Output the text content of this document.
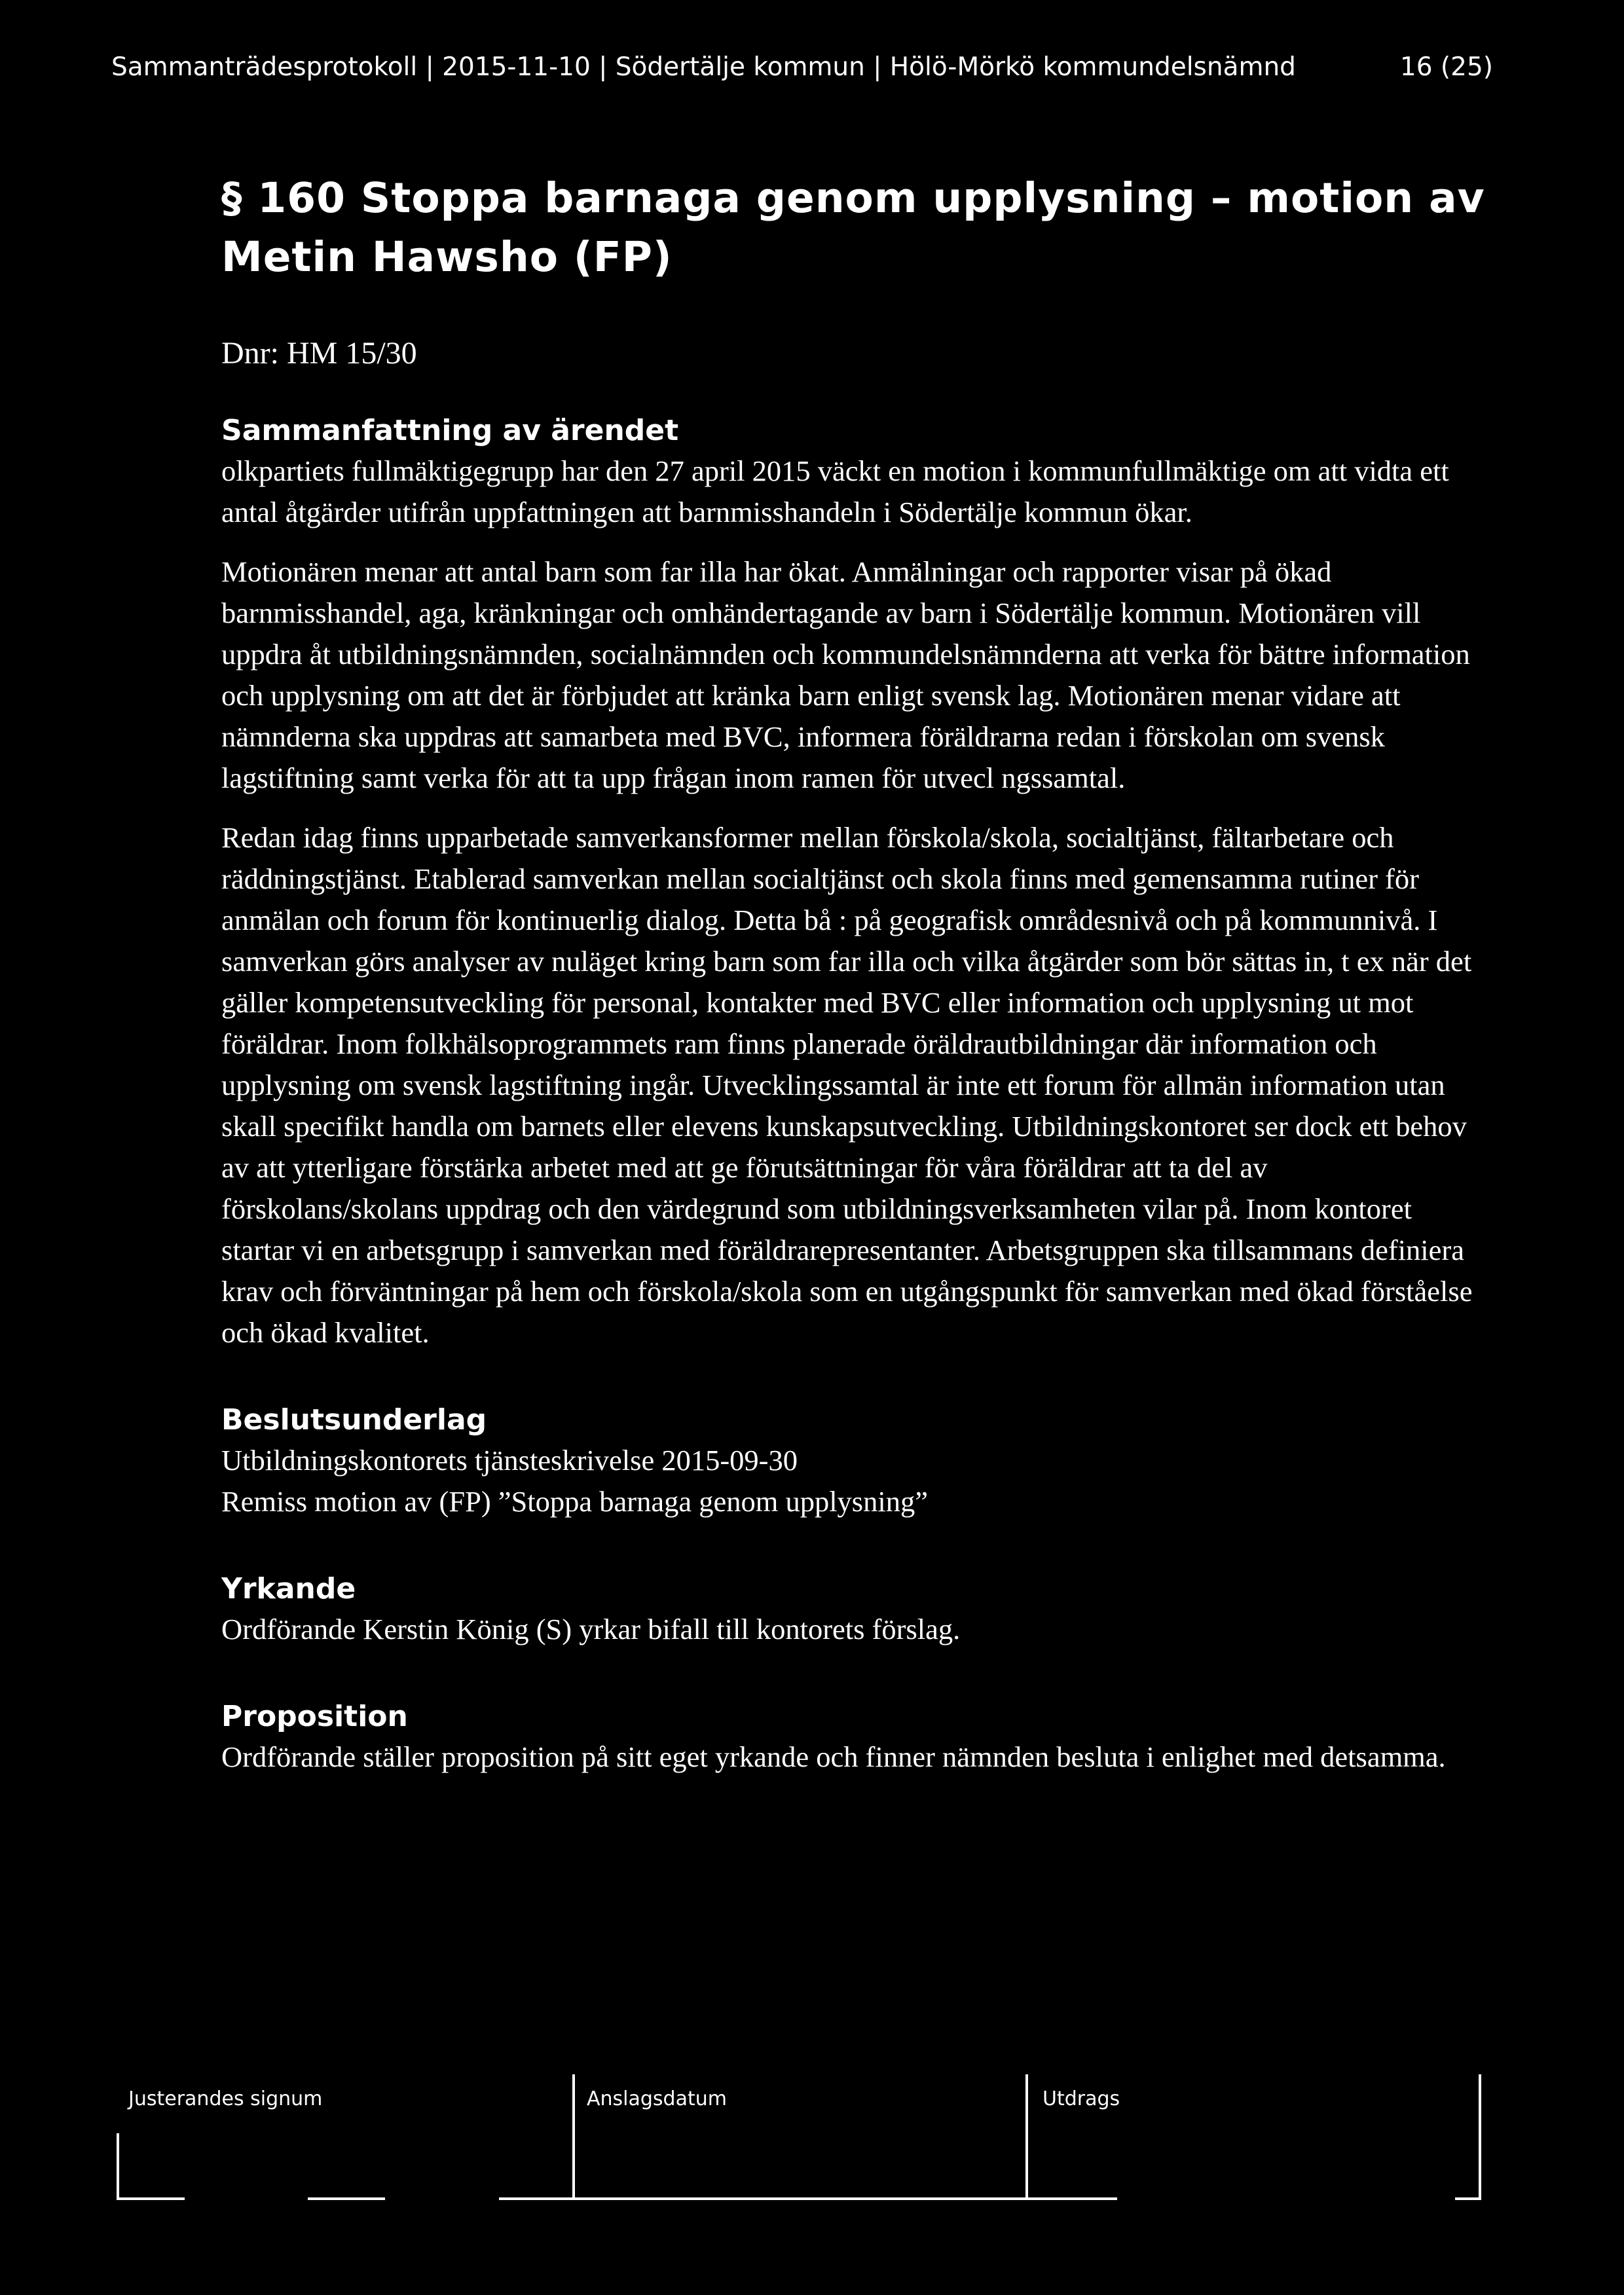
Sammanträdesprotokoll | 2015-11-10 | Södertälje kommun | Hölö-Mörkö kommundelsnämnd	16 (25)
§ 160 Stoppa barnaga genom upplysning – motion av Metin Hawsho (FP)
Dnr: HM 15/30
Sammanfattning av ärendet

olkpartiets fullmäktigegrupp har den 27 april 2015 väckt en motion i kommunfullmäktige om att vidta ett antal åtgärder utifrån uppfattningen att barnmisshandeln i Södertälje kommun ökar.

Motionären menar att antal barn som far illa har ökat. Anmälningar och rapporter visar på ökad barnmisshandel, aga, kränkningar och omhändertagande av barn i Södertälje kommun. Motionären vill uppdra åt utbildningsnämnden, socialnämnden och kommundelsnämnderna att verka för bättre information och upplysning om att det är förbjudet att kränka barn enligt svensk lag. Motionären menar vidare att nämnderna ska uppdras att samarbeta med BVC, informera föräldrarna redan i förskolan om svensk lagstiftning samt verka för att ta upp frågan inom ramen för utvecl ngssamtal.

Redan idag finns upparbetade samverkansformer mellan förskola/skola, socialtjänst, fältarbetare och räddningstjänst. Etablerad samverkan mellan socialtjänst och skola finns med gemensamma rutiner för anmälan och forum för kontinuerlig dialog. Detta bå : på geografisk områdesnivå och på kommunnivå. I samverkan görs analyser av nuläget kring barn som far illa och vilka åtgärder som bör sättas in, t ex när det gäller kompetensutveckling för personal, kontakter med BVC eller information och upplysning ut mot föräldrar. Inom folkhälsoprogrammets ram finns planerade öräldrautbildningar där information och upplysning om svensk lagstiftning ingår. Utvecklingssamtal är inte ett forum för allmän information utan skall specifikt handla om barnets eller elevens kunskapsutveckling. Utbildningskontoret ser dock ett behov av att ytterligare förstärka arbetet med att ge förutsättningar för våra föräldrar att ta del av förskolans/skolans uppdrag och den värdegrund som utbildningsverksamheten vilar på. Inom kontoret startar vi en arbetsgrupp i samverkan med föräldrarepresentanter. Arbetsgruppen ska tillsammans definiera krav och förväntningar på hem och förskola/skola som en utgångspunkt för samverkan med ökad förståelse och ökad kvalitet.

Beslutsunderlag

Utbildningskontorets tjänsteskrivelse 2015-09-30

Remiss motion av (FP) ”Stoppa barnaga genom upplysning”

Yrkande

Ordförande Kerstin König (S) yrkar bifall till kontorets förslag.

Proposition

Ordförande ställer proposition på sitt eget yrkande och finner nämnden besluta i enlighet med detsamma.

Justerandes signum	Anslagsdatum	Utdrags
